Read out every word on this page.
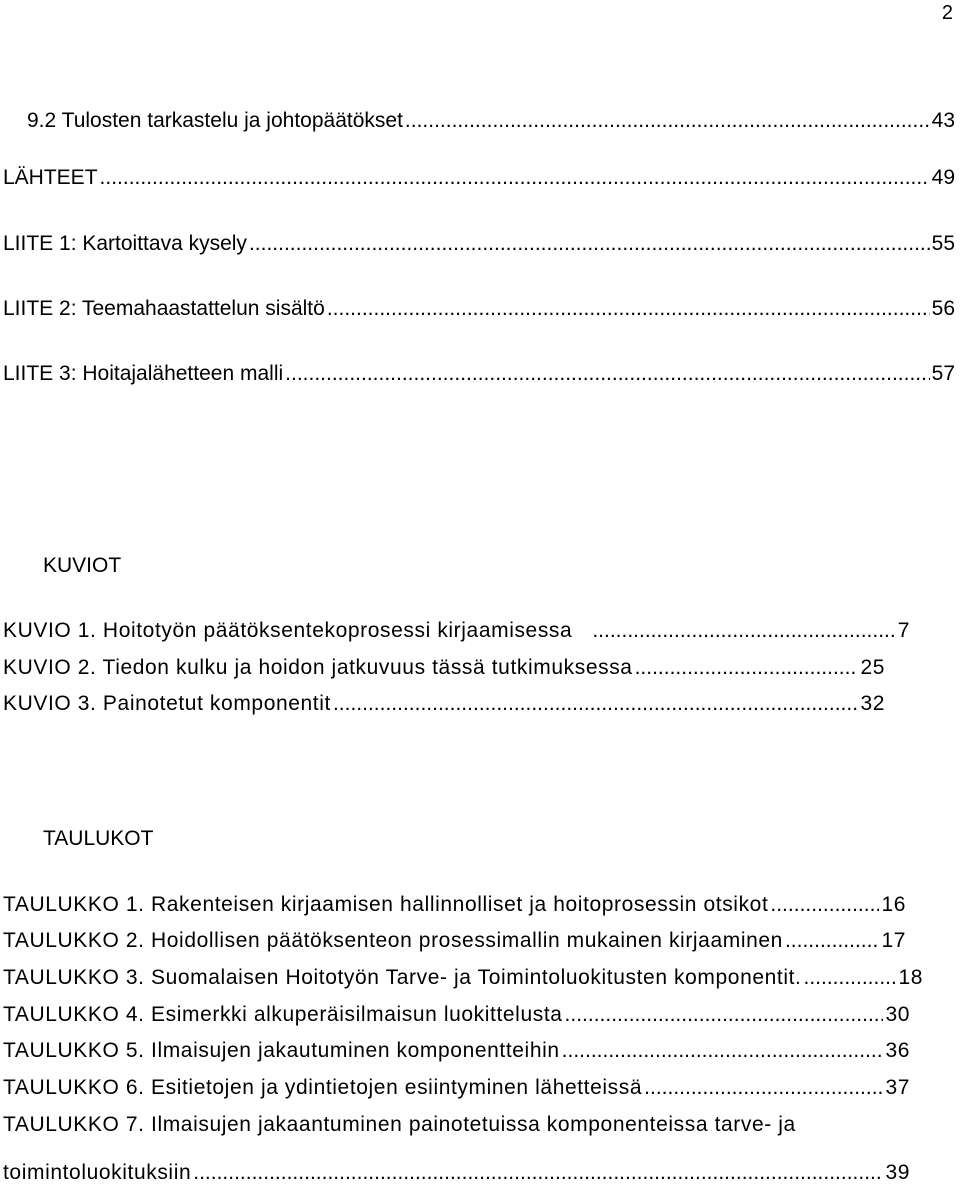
2
9.2 Tulosten tarkastelu ja johtopäätökset .....	43
LÄHTEET .....	49
LIITE 1: Kartoittava kysely .....	55
LIITE 2: Teemahaastattelun sisältö .....	56
LIITE 3: Hoitajalähetteen malli .....	57
KUVIOT
KUVIO 1. Hoitotyön päätöksentekoprosessi kirjaamisessa .....	7
KUVIO 2. Tiedon kulku ja hoidon jatkuvuus tässä tutkimuksessa .....	25
KUVIO 3. Painotetut komponentit .....	32
TAULUKOT
TAULUKKO 1. Rakenteisen kirjaamisen hallinnolliset ja hoitoprosessin otsikot .....	16
TAULUKKO 2. Hoidollisen päätöksenteon prosessimallin mukainen kirjaaminen .....	17
TAULUKKO 3. Suomalaisen Hoitotyön Tarve- ja Toimintoluokitusten komponentit. .....	18
TAULUKKO 4. Esimerkki alkuperäisilmaisun luokittelusta .....	30
TAULUKKO 5. Ilmaisujen jakautuminen komponentteihin .....	36
TAULUKKO 6. Esitietojen ja ydintietojen esiintyminen lähetteissä .....	37
TAULUKKO 7. Ilmaisujen jakaantuminen painotetuissa komponenteissa tarve- ja
toimintoluokituksiin .....	39
